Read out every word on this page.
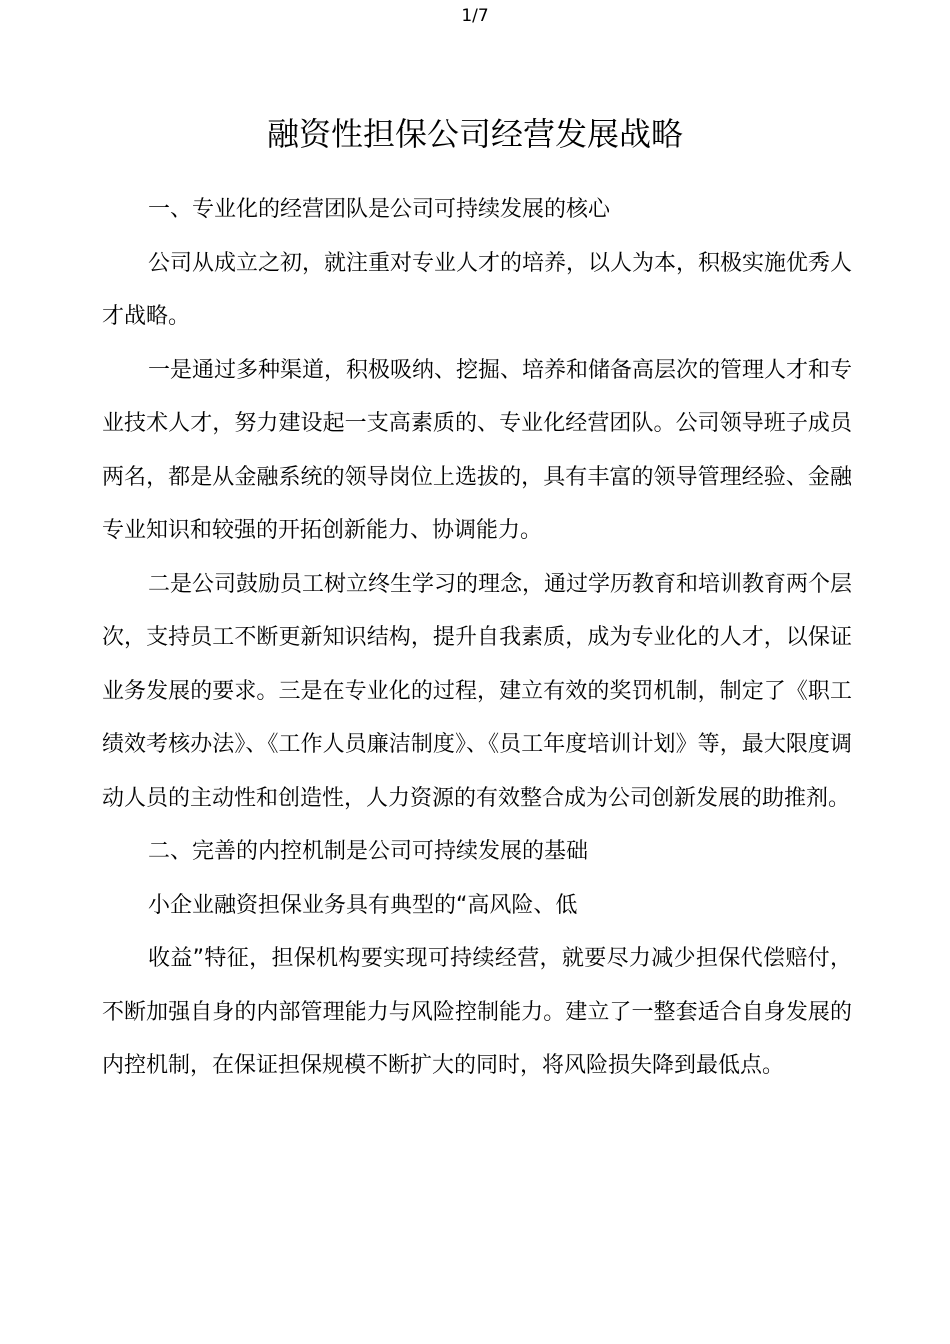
1/7
融资性担保公司经营发展战略

一、专业化的经营团队是公司可持续发展的核心

公司从成立之初，就注重对专业人才的培养，以人为本，积极实施优秀人才战略。

一是通过多种渠道，积极吸纳、挖掘、培养和储备高层次的管理人才和专业技术人才，努力建设起一支高素质的、专业化经营团队。公司领导班子成员两名，都是从金融系统的领导岗位上选拔的，具有丰富的领导管理经验、金融专业知识和较强的开拓创新能力、协调能力。

二是公司鼓励员工树立终生学习的理念，通过学历教育和培训教育两个层次，支持员工不断更新知识结构，提升自我素质，成为专业化的人才，以保证业务发展的要求。三是在专业化的过程，建立有效的奖罚机制，制定了《职工绩效考核办法》、《工作人员廉洁制度》、《员工年度培训计划》等，最大限度调动人员的主动性和创造性，人力资源的有效整合成为公司创新发展的助推剂。

二、完善的内控机制是公司可持续发展的基础

小企业融资担保业务具有典型的“高风险、低

收益”特征，担保机构要实现可持续经营，就要尽力减少担保代偿赔付，不断加强自身的内部管理能力与风险控制能力。建立了一整套适合自身发展的内控机制，在保证担保规模不断扩大的同时，将风险损失降到最低点。
